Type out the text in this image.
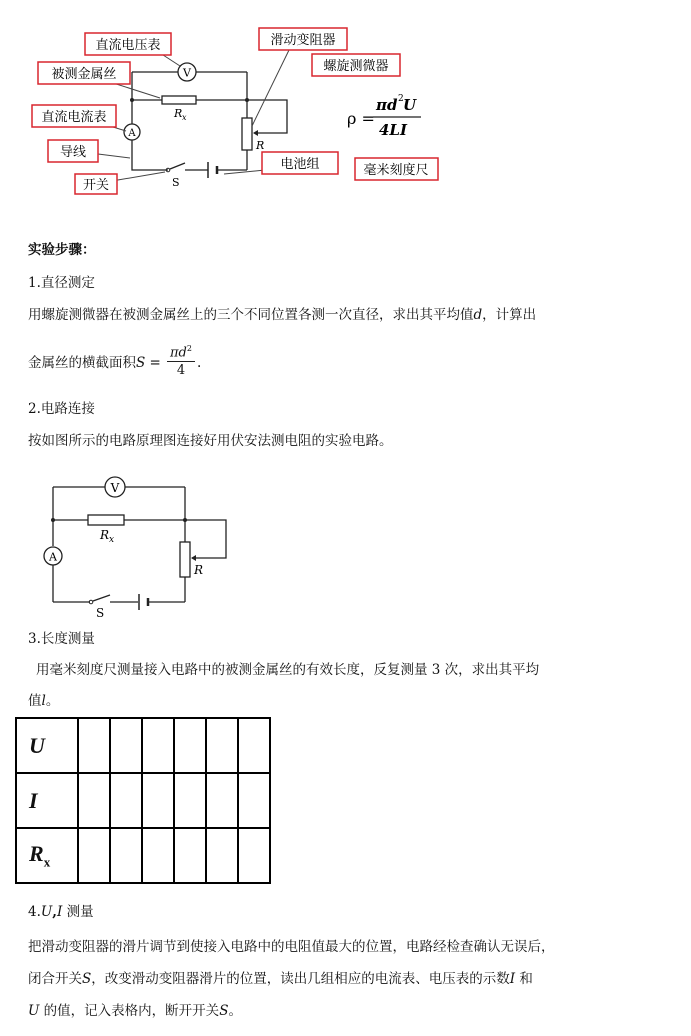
V
R x
R
A
S
直流电压表
被测金属丝
直流电流表
导线
开关
滑动变阻器
螺旋测微器
电池组	毫米刻度尺
ρ =
πd 2 U
4LI
实验步骤：
1.直径测定
用螺旋测微器在被测金属丝上的三个不同位置各测一次直径，求出其平均值d，计算出
金属丝的横截面积S =
$\pi d^2$
4 .
2.电路连接
按如图所示的电路原理图连接好用伏安法测电阻的实验电路。
V
R x
R
A
S
3.长度测量
用毫米刻度尺测量接入电路中的被测金属丝的有效长度，反复测量 3 次，求出其平均
值l。
U						
I						
$R_x$						
4.U,I 测量
把滑动变阻器的滑片调节到使接入电路中的电阻值最大的位置，电路经检查确认无误后，
闭合开关S，改变滑动变阻器滑片的位置，读出几组相应的电流表、电压表的示数I 和
U 的值，记入表格内，断开开关S。
